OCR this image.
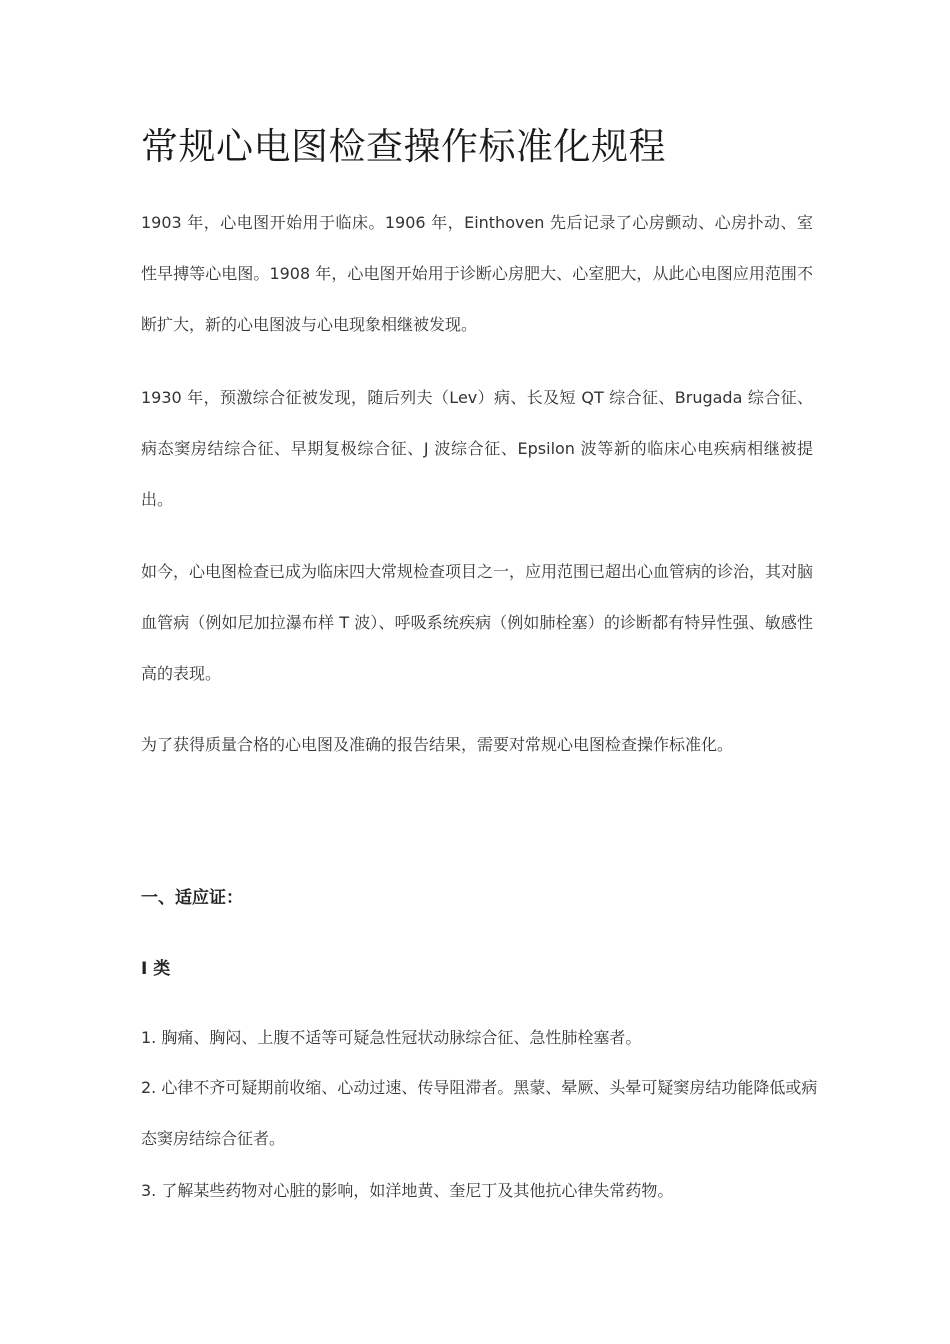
常规心电图检查操作标准化规程

1903 年，心电图开始用于临床。1906 年，Einthoven 先后记录了心房颤动、心房扑动、室性早搏等心电图。1908 年，心电图开始用于诊断心房肥大、心室肥大，从此心电图应用范围不断扩大，新的心电图波与心电现象相继被发现。

1930 年，预激综合征被发现，随后列夫（Lev）病、长及短 QT 综合征、Brugada 综合征、病态窦房结综合征、早期复极综合征、J 波综合征、Epsilon 波等新的临床心电疾病相继被提出。

如今，心电图检查已成为临床四大常规检查项目之一，应用范围已超出心血管病的诊治，其对脑血管病（例如尼加拉瀑布样 T 波）、呼吸系统疾病（例如肺栓塞）的诊断都有特异性强、敏感性高的表现。

为了获得质量合格的心电图及准确的报告结果，需要对常规心电图检查操作标准化。

一、适应证：
I 类

1. 胸痛、胸闷、上腹不适等可疑急性冠状动脉综合征、急性肺栓塞者。

2. 心律不齐可疑期前收缩、心动过速、传导阻滞者。黑蒙、晕厥、头晕可疑窦房结功能降低或病态窦房结综合征者。

3. 了解某些药物对心脏的影响，如洋地黄、奎尼丁及其他抗心律失常药物。
